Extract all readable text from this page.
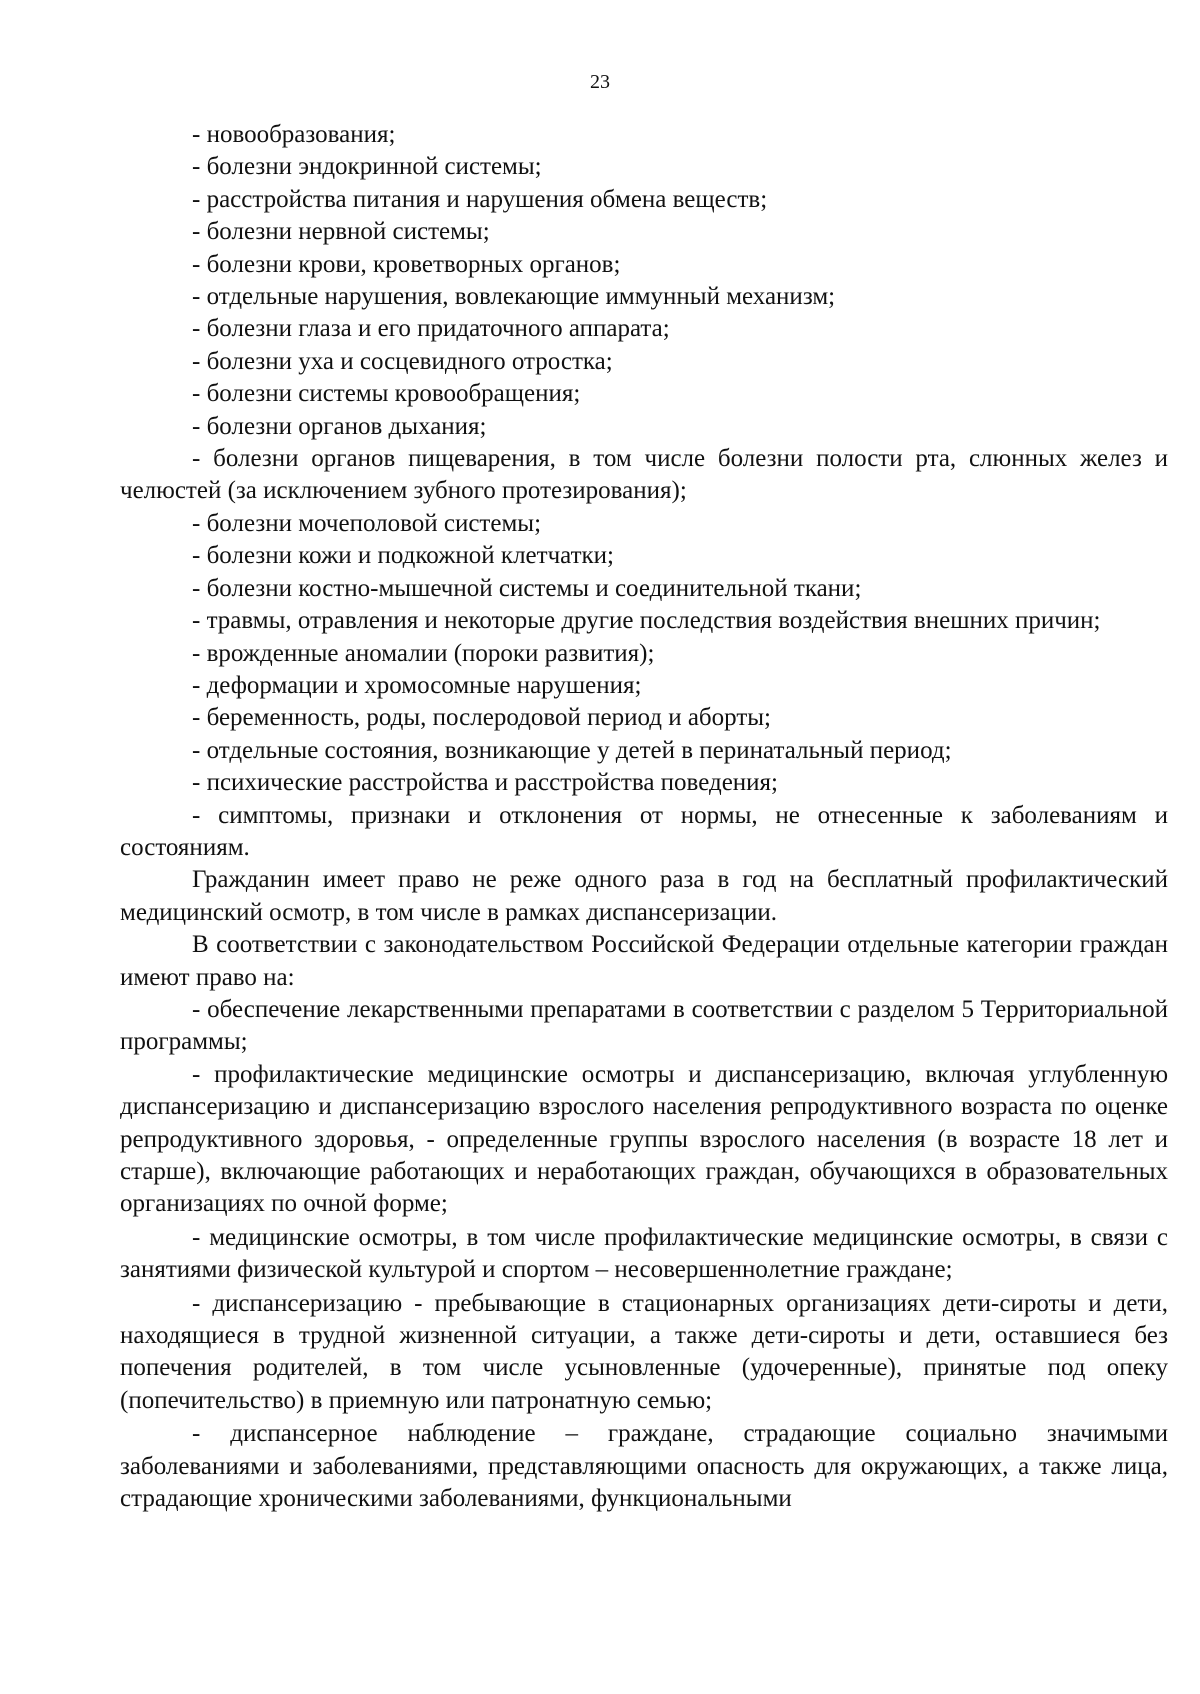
23

- новообразования;

- болезни эндокринной системы;

- расстройства питания и нарушения обмена веществ;

- болезни нервной системы;

- болезни крови, кроветворных органов;

- отдельные нарушения, вовлекающие иммунный механизм;

- болезни глаза и его придаточного аппарата;

- болезни уха и сосцевидного отростка;

- болезни системы кровообращения;

- болезни органов дыхания;

- болезни органов пищеварения, в том числе болезни полости рта, слюнных желез и челюстей (за исключением зубного протезирования);

- болезни мочеполовой системы;

- болезни кожи и подкожной клетчатки;

- болезни костно-мышечной системы и соединительной ткани;

- травмы, отравления и некоторые другие последствия воздействия внешних причин;

- врожденные аномалии (пороки развития);

- деформации и хромосомные нарушения;

- беременность, роды, послеродовой период и аборты;

- отдельные состояния, возникающие у детей в перинатальный период;

- психические расстройства и расстройства поведения;

- симптомы, признаки и отклонения от нормы, не отнесенные к заболеваниям и состояниям.

Гражданин имеет право не реже одного раза в год на бесплатный профилактический медицинский осмотр, в том числе в рамках диспансеризации.

В соответствии с законодательством Российской Федерации отдельные категории граждан имеют право на:

- обеспечение лекарственными препаратами в соответствии с разделом 5 Территориальной программы;

- профилактические медицинские осмотры и диспансеризацию, включая углубленную диспансеризацию и диспансеризацию взрослого населения репродуктивного возраста по оценке репродуктивного здоровья, - определенные группы взрослого населения (в возрасте 18 лет и старше), включающие работающих и неработающих граждан, обучающихся в образовательных организациях по очной форме;

- медицинские осмотры, в том числе профилактические медицинские осмотры, в связи с занятиями физической культурой и спортом – несовершеннолетние граждане;

- диспансеризацию - пребывающие в стационарных организациях дети-сироты и дети, находящиеся в трудной жизненной ситуации, а также дети-сироты и дети, оставшиеся без попечения родителей, в том числе усыновленные (удочеренные), принятые под опеку (попечительство) в приемную или патронатную семью;

- диспансерное наблюдение – граждане, страдающие социально значимыми заболеваниями и заболеваниями, представляющими опасность для окружающих, а также лица, страдающие хроническими заболеваниями, функциональными
